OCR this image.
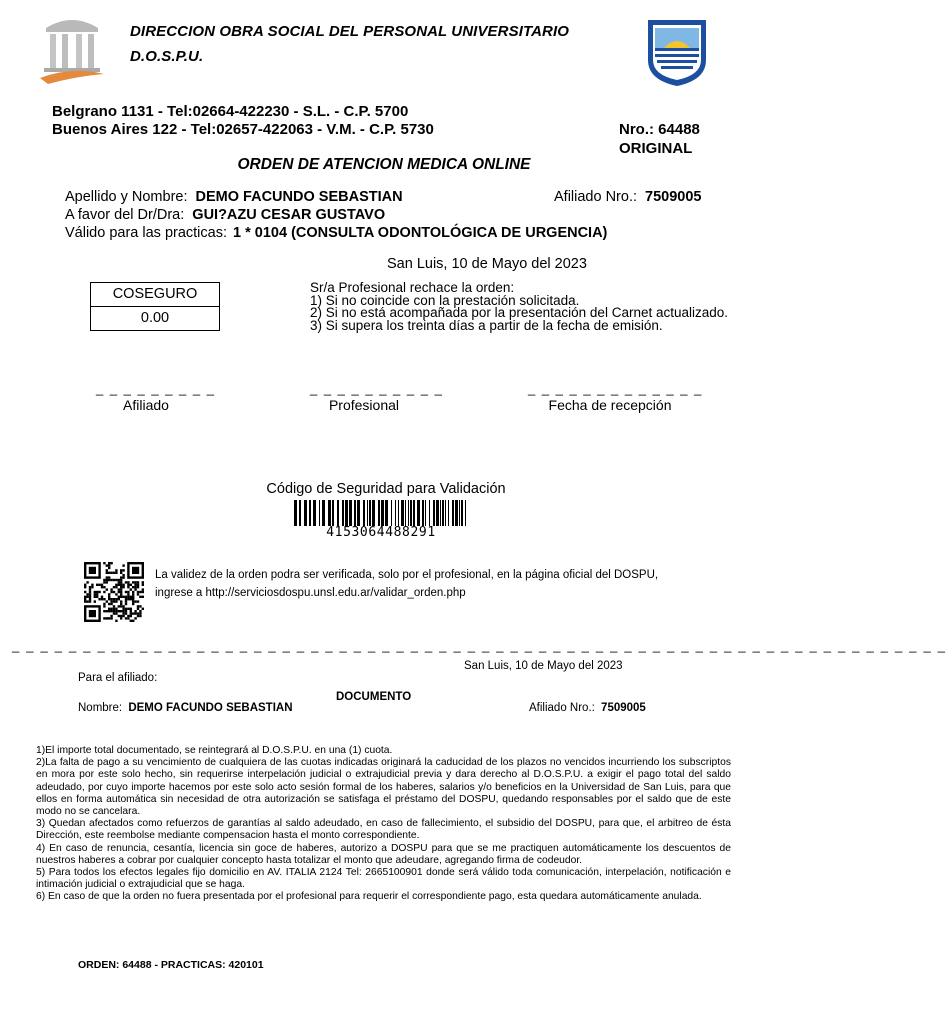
DIRECCION OBRA SOCIAL DEL PERSONAL UNIVERSITARIO
D.O.S.P.U.
Belgrano 1131 - Tel:02664-422230 - S.L. - C.P. 5700
Buenos Aires 122 - Tel:02657-422063 - V.M. - C.P. 5730	Nro.: 64488
ORIGINAL
ORDEN DE ATENCION MEDICA ONLINE
Apellido y Nombre: DEMO FACUNDO SEBASTIAN	Afiliado Nro.: 7509005
A favor del Dr/Dra: GUI?AZU CESAR GUSTAVO
Válido para las practicas: 1 * 0104 (CONSULTA ODONTOLÓGICA DE URGENCIA)
San Luis, 10 de Mayo del 2023
COSEGURO
0.00
Sr/a Profesional rechace la orden:
1) Si no coincide con la prestación solicitada.
2) Si no está acompañada por la presentación del Carnet actualizado.
3) Si supera los treinta días a partir de la fecha de emisión.
_ _ _ _ _ _ _ _ _	_ _ _ _ _ _ _ _ _ _	_ _ _ _ _ _ _ _ _ _ _ _ _
Afiliado	Profesional	Fecha de recepción
Código de Seguridad para Validación
4153064488291
La validez de la orden podra ser verificada, solo por el profesional, en la página oficial del DOSPU,
ingrese a http://serviciosdospu.unsl.edu.ar/validar_orden.php
_ _ _ _ _ _ _ _ _ _ _ _ _ _ _ _ _ _ _ _ _ _ _ _ _ _ _ _ _ _ _ _ _ _ _ _ _ _ _ _ _ _ _ _ _ _ _ _ _ _ _ _ _ _ _ _ _ _ _ _ _ _ _ _ _ _
San Luis, 10 de Mayo del 2023
Para el afiliado:
DOCUMENTO
Nombre: DEMO FACUNDO SEBASTIAN	Afiliado Nro.: 7509005

1)El importe total documentado, se reintegrará al D.O.S.P.U. en una (1) cuota.

2)La falta de pago a su vencimiento de cualquiera de las cuotas indicadas originará la caducidad de los plazos no vencidos incurriendo los subscriptos en mora por este solo hecho, sin requerirse interpelación judicial o extrajudicial previa y dara derecho al D.O.S.P.U. a exigir el pago total del saldo adeudado, por cuyo importe hacemos por este solo acto sesión formal de los haberes, salarios y/o beneficios en la Universidad de San Luis, para que ellos en forma automática sin necesidad de otra autorización se satisfaga el préstamo del DOSPU, quedando responsables por el saldo que de este modo no se cancelara.

3) Quedan afectados como refuerzos de garantías al saldo adeudado, en caso de fallecimiento, el subsidio del DOSPU, para que, el arbitreo de ésta Dirección, este reembolse mediante compensacion hasta el monto correspondiente.

4) En caso de renuncia, cesantía, licencia sin goce de haberes, autorizo a DOSPU para que se me practiquen automáticamente los descuentos de nuestros haberes a cobrar por cualquier concepto hasta totalizar el monto que adeudare, agregando firma de codeudor.

5) Para todos los efectos legales fijo domicilio en AV. ITALIA 2124 Tel: 2665100901 donde será válido toda comunicación, interpelación, notificación e intimación judicial o extrajudicial que se haga.

6) En caso de que la orden no fuera presentada por el profesional para requerir el correspondiente pago, esta quedara automáticamente anulada.

ORDEN: 64488 - PRACTICAS: 420101
